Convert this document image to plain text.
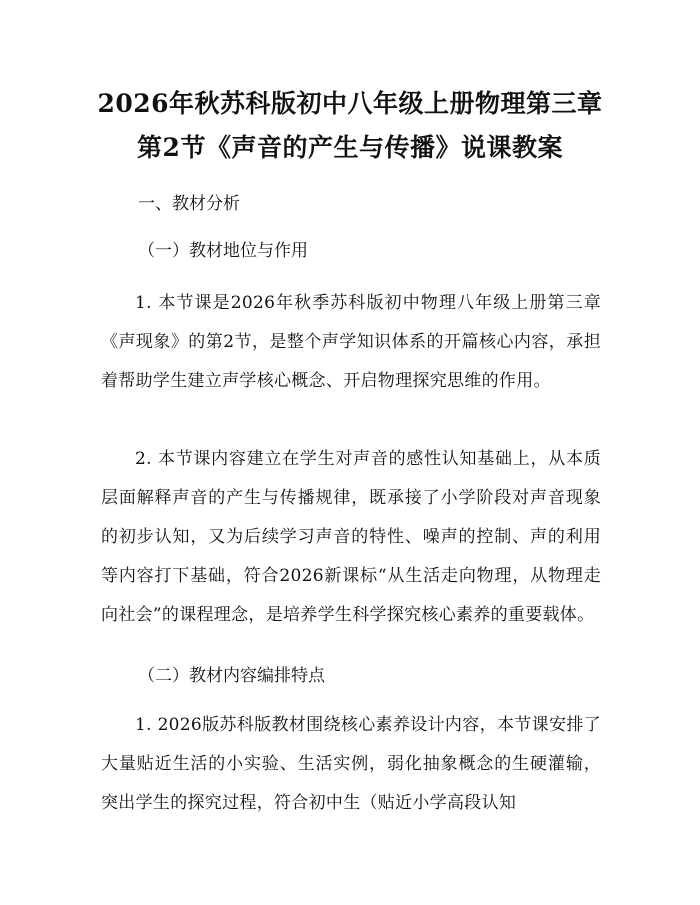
2026年秋苏科版初中八年级上册物理第三章
第2节《声音的产生与传播》说课教案
一、教材分析
（一）教材地位与作用
1. 本节课是2026年秋季苏科版初中物理八年级上册第三章《声现象》的第2节，是整个声学知识体系的开篇核心内容，承担着帮助学生建立声学核心概念、开启物理探究思维的作用。
2. 本节课内容建立在学生对声音的感性认知基础上，从本质层面解释声音的产生与传播规律，既承接了小学阶段对声音现象的初步认知，又为后续学习声音的特性、噪声的控制、声的利用等内容打下基础，符合2026新课标“从生活走向物理，从物理走向社会”的课程理念，是培养学生科学探究核心素养的重要载体。
（二）教材内容编排特点
1. 2026版苏科版教材围绕核心素养设计内容，本节课安排了大量贴近生活的小实验、生活实例，弱化抽象概念的生硬灌输，突出学生的探究过程，符合初中生（贴近小学高段认知
